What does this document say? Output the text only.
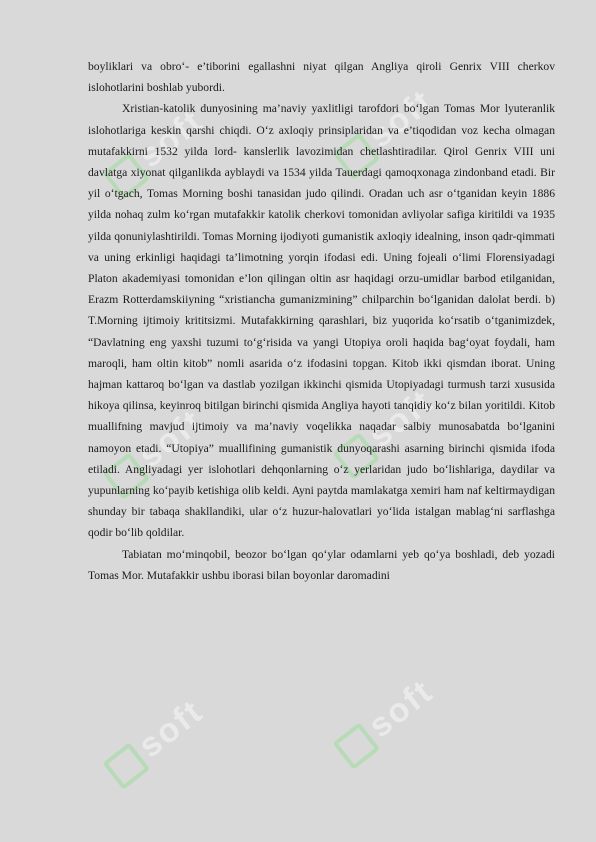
soft	soft
soft	soft
soft	soft

boyliklari va obro‘- e’tiborini egallashni niyat qilgan Angliya qiroli Genrix VIII cherkov islohotlarini boshlab yubordi.

Xristian-katolik dunyosining ma’naviy yaxlitligi tarofdori bo‘lgan Tomas Mor lyuteranlik islohotlariga keskin qarshi chiqdi. O‘z axloqiy prinsiplaridan va e’tiqodidan voz kecha olmagan mutafakkirni 1532 yilda lord- kanslerlik lavozimidan chetlashtiradilar. Qirol Genrix VIII uni davlatga xiyonat qilganlikda ayblaydi va 1534 yilda Tauerdagi qamoqxonaga zindonband etadi. Bir yil o‘tgach, Tomas Morning boshi tanasidan judo qilindi. Oradan uch asr o‘tganidan keyin 1886 yilda nohaq zulm ko‘rgan mutafakkir katolik cherkovi tomonidan avliyolar safiga kiritildi va 1935 yilda qonuniylashtirildi. Tomas Morning ijodiyoti gumanistik axloqiy idealning, inson qadr-qimmati va uning erkinligi haqidagi ta’limotning yorqin ifodasi edi. Uning fojeali o‘limi Florensiyadagi Platon akademiyasi tomonidan e’lon qilingan oltin asr haqidagi orzu-umidlar barbod etilganidan, Erazm Rotterdamskiiyning “xristiancha gumanizmining” chilparchin bo‘lganidan dalolat berdi. b) T.Morning ijtimoiy krititsizmi. Mutafakkirning qarashlari, biz yuqorida ko‘rsatib o‘tganimizdek, “Davlatning eng yaxshi tuzumi to‘g‘risida va yangi Utopiya oroli haqida bag‘oyat foydali, ham maroqli, ham oltin kitob” nomli asarida o‘z ifodasini topgan. Kitob ikki qismdan iborat. Uning hajman kattaroq bo‘lgan va dastlab yozilgan ikkinchi qismida Utopiyadagi turmush tarzi xususida hikoya qilinsa, keyinroq bitilgan birinchi qismida Angliya hayoti tanqidiy ko‘z bilan yoritildi. Kitob muallifning mavjud ijtimoiy va ma’naviy voqelikka naqadar salbiy munosabatda bo‘lganini namoyon etadi. “Utopiya” muallifining gumanistik dunyoqarashi asarning birinchi qismida ifoda etiladi. Angliyadagi yer islohotlari dehqonlarning o‘z yerlaridan judo bo‘lishlariga, daydilar va yupunlarning ko‘payib ketishiga olib keldi. Ayni paytda mamlakatga xemiri ham naf keltirmaydigan shunday bir tabaqa shakllandiki, ular o‘z huzur-halovatlari yo‘lida istalgan mablag‘ni sarflashga qodir bo‘lib qoldilar.

Tabiatan mo‘minqobil, beozor bo‘lgan qo‘ylar odamlarni yeb qo‘ya boshladi, deb yozadi Tomas Mor. Mutafakkir ushbu iborasi bilan boyonlar daromadini
